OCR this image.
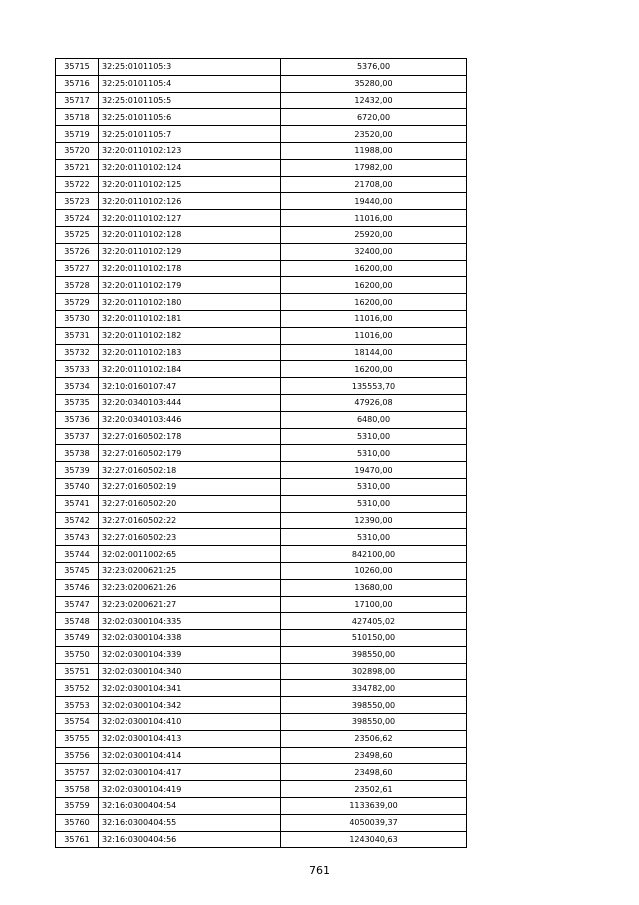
35715	32:25:0101105:3	5376,00
35716	32:25:0101105:4	35280,00
35717	32:25:0101105:5	12432,00
35718	32:25:0101105:6	6720,00
35719	32:25:0101105:7	23520,00
35720	32:20:0110102:123	11988,00
35721	32:20:0110102:124	17982,00
35722	32:20:0110102:125	21708,00
35723	32:20:0110102:126	19440,00
35724	32:20:0110102:127	11016,00
35725	32:20:0110102:128	25920,00
35726	32:20:0110102:129	32400,00
35727	32:20:0110102:178	16200,00
35728	32:20:0110102:179	16200,00
35729	32:20:0110102:180	16200,00
35730	32:20:0110102:181	11016,00
35731	32:20:0110102:182	11016,00
35732	32:20:0110102:183	18144,00
35733	32:20:0110102:184	16200,00
35734	32:10:0160107:47	135553,70
35735	32:20:0340103:444	47926,08
35736	32:20:0340103:446	6480,00
35737	32:27:0160502:178	5310,00
35738	32:27:0160502:179	5310,00
35739	32:27:0160502:18	19470,00
35740	32:27:0160502:19	5310,00
35741	32:27:0160502:20	5310,00
35742	32:27:0160502:22	12390,00
35743	32:27:0160502:23	5310,00
35744	32:02:0011002:65	842100,00
35745	32:23:0200621:25	10260,00
35746	32:23:0200621:26	13680,00
35747	32:23:0200621:27	17100,00
35748	32:02:0300104:335	427405,02
35749	32:02:0300104:338	510150,00
35750	32:02:0300104:339	398550,00
35751	32:02:0300104:340	302898,00
35752	32:02:0300104:341	334782,00
35753	32:02:0300104:342	398550,00
35754	32:02:0300104:410	398550,00
35755	32:02:0300104:413	23506,62
35756	32:02:0300104:414	23498,60
35757	32:02:0300104:417	23498,60
35758	32:02:0300104:419	23502,61
35759	32:16:0300404:54	1133639,00
35760	32:16:0300404:55	4050039,37
35761	32:16:0300404:56	1243040,63
761
